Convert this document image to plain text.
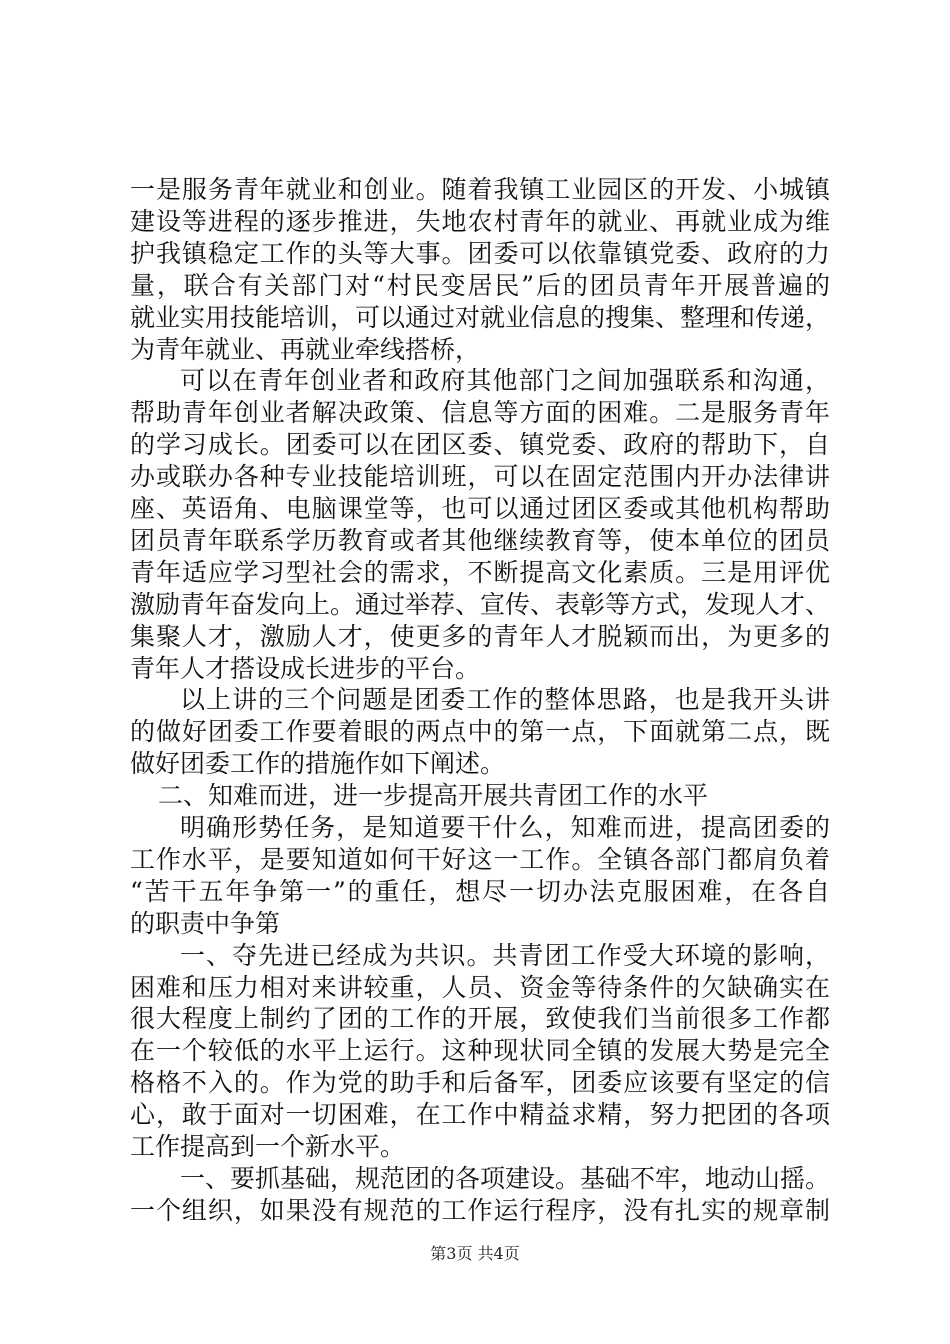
一是服务青年就业和创业。随着我镇工业园区的开发、小城镇
建设等进程的逐步推进，失地农村青年的就业、再就业成为维
护我镇稳定工作的头等大事。团委可以依靠镇党委、政府的力
量，联合有关部门对“村民变居民”后的团员青年开展普遍的
就业实用技能培训，可以通过对就业信息的搜集、整理和传递，
为青年就业、再就业牵线搭桥，
可以在青年创业者和政府其他部门之间加强联系和沟通，
帮助青年创业者解决政策、信息等方面的困难。二是服务青年
的学习成长。团委可以在团区委、镇党委、政府的帮助下，自
办或联办各种专业技能培训班，可以在固定范围内开办法律讲
座、英语角、电脑课堂等，也可以通过团区委或其他机构帮助
团员青年联系学历教育或者其他继续教育等，使本单位的团员
青年适应学习型社会的需求，不断提高文化素质。三是用评优
激励青年奋发向上。通过举荐、宣传、表彰等方式，发现人才、
集聚人才，激励人才，使更多的青年人才脱颖而出，为更多的
青年人才搭设成长进步的平台。
以上讲的三个问题是团委工作的整体思路，也是我开头讲
的做好团委工作要着眼的两点中的第一点，下面就第二点，既
做好团委工作的措施作如下阐述。
二、知难而进，进一步提高开展共青团工作的水平
明确形势任务，是知道要干什么，知难而进，提高团委的
工作水平，是要知道如何干好这一工作。全镇各部门都肩负着
“苦干五年争第一”的重任，想尽一切办法克服困难，在各自
的职责中争第
一、夺先进已经成为共识。共青团工作受大环境的影响，
困难和压力相对来讲较重，人员、资金等待条件的欠缺确实在
很大程度上制约了团的工作的开展，致使我们当前很多工作都
在一个较低的水平上运行。这种现状同全镇的发展大势是完全
格格不入的。作为党的助手和后备军，团委应该要有坚定的信
心，敢于面对一切困难，在工作中精益求精，努力把团的各项
工作提高到一个新水平。
第3页 共4页
一、要抓基础，规范团的各项建设。基础不牢，地动山摇。
一个组织，如果没有规范的工作运行程序，没有扎实的规章制
